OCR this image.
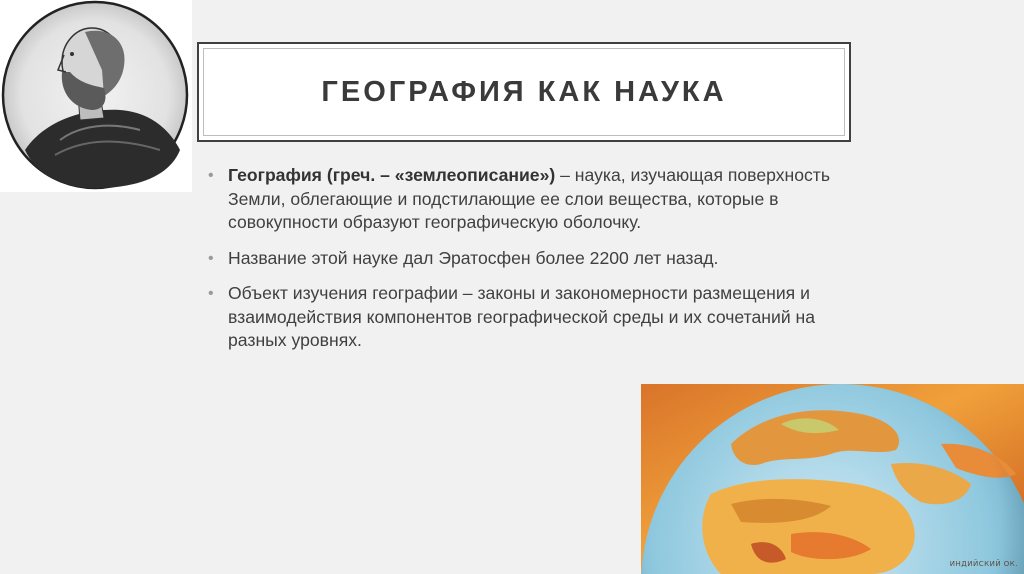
ГЕОГРАФИЯ КАК НАУКА
• География (греч. – «землеописание») – наука, изучающая поверхность Земли, облегающие и подстилающие ее слои вещества, которые в совокупности образуют географическую оболочку.
• Название этой науке дал Эратосфен более 2200 лет назад.
• Объект изучения географии – законы и закономерности размещения и взаимодействия компонентов географической среды и их сочетаний на разных уровнях.
ИНДИЙСКИЙ ОК.
